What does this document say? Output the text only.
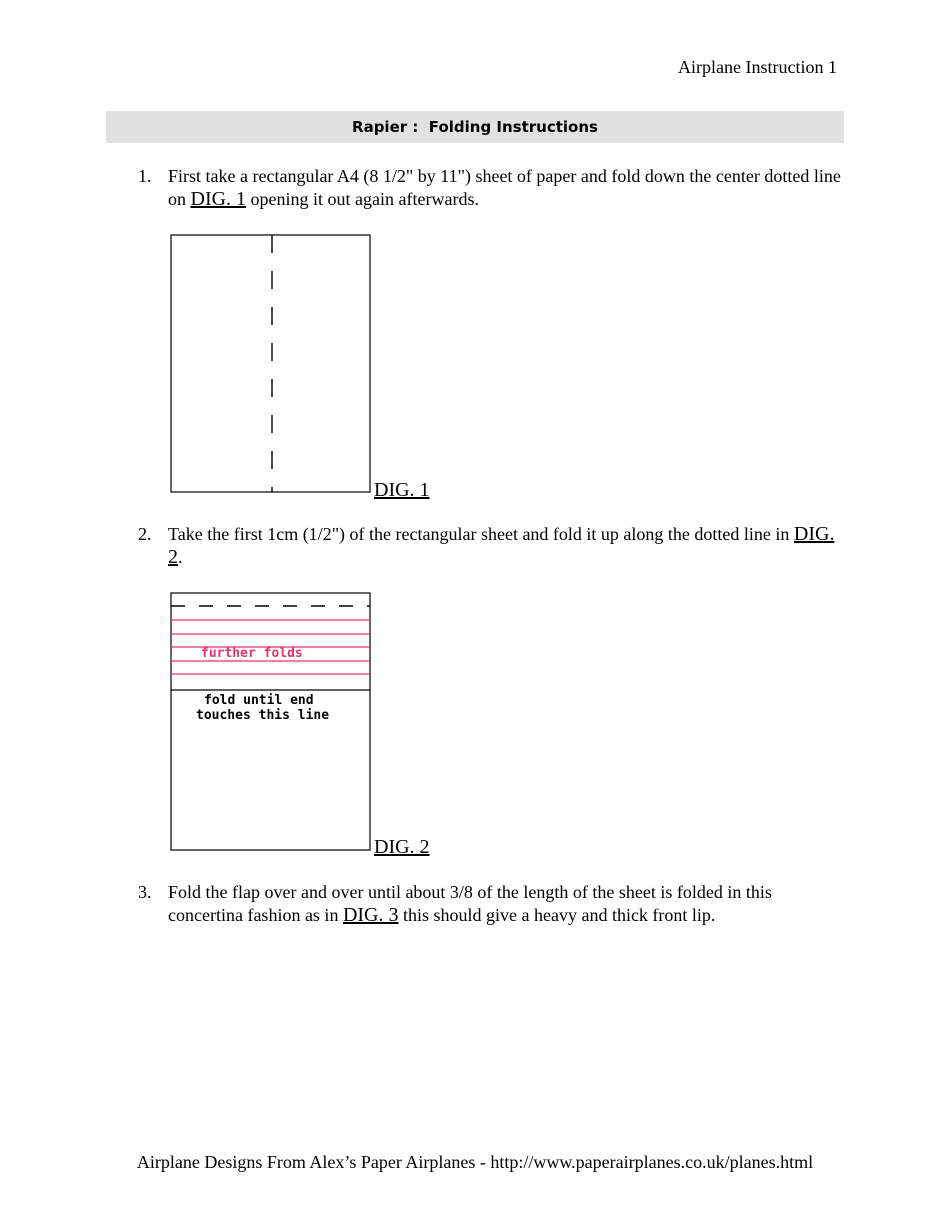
Airplane Instruction 1
Rapier :  Folding Instructions
1. First take a rectangular A4 (8 1/2" by 11") sheet of paper and fold down the center dotted line on DIG. 1 opening it out again afterwards.
DIG. 1
2. Take the first 1cm (1/2") of the rectangular sheet and fold it up along the dotted line in DIG. 2.
further folds
fold until end
touches this line
DIG. 2
3. Fold the flap over and over until about 3/8 of the length of the sheet is folded in this concertina fashion as in DIG. 3 this should give a heavy and thick front lip.
Airplane Designs From Alex’s Paper Airplanes - http://www.paperairplanes.co.uk/planes.html
